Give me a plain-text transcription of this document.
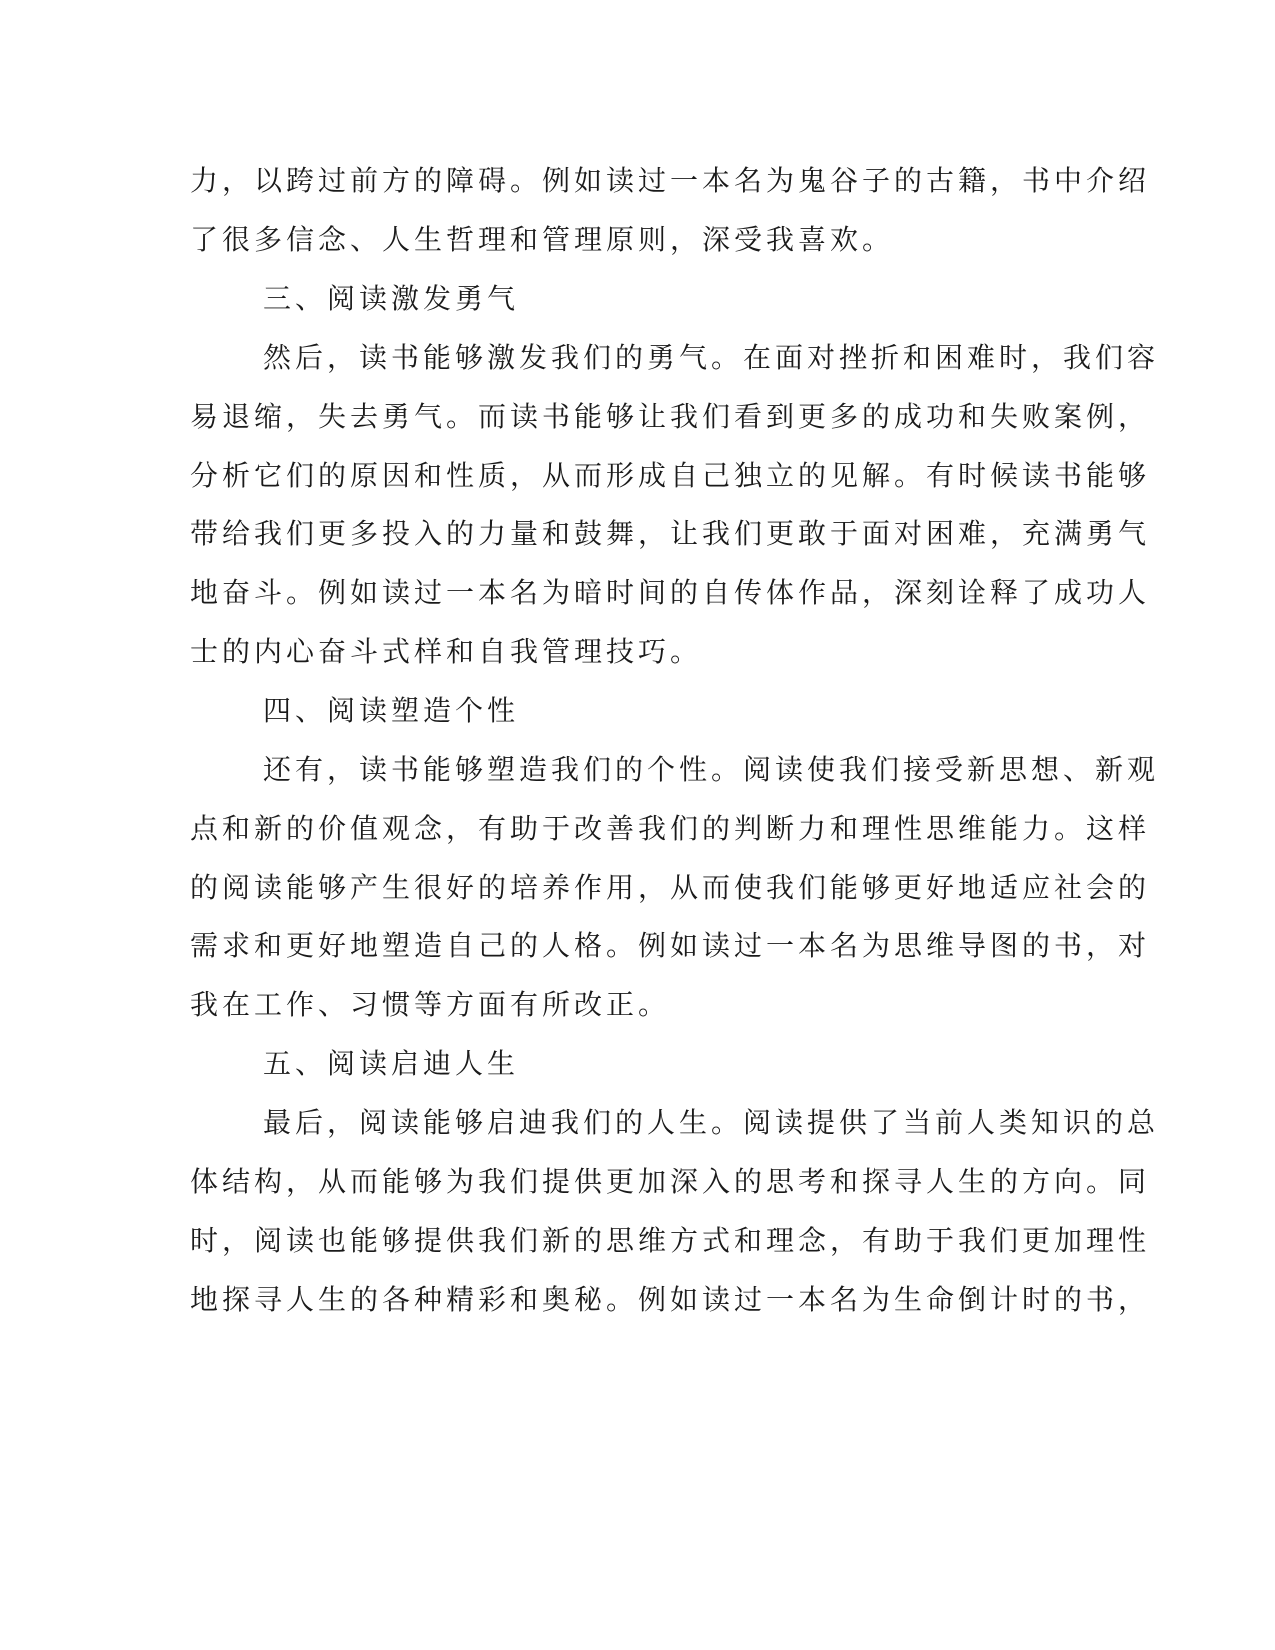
力，以跨过前方的障碍。例如读过一本名为鬼谷子的古籍，书中介绍
了很多信念、人生哲理和管理原则，深受我喜欢。
三、阅读激发勇气
然后，读书能够激发我们的勇气。在面对挫折和困难时，我们容
易退缩，失去勇气。而读书能够让我们看到更多的成功和失败案例，
分析它们的原因和性质，从而形成自己独立的见解。有时候读书能够
带给我们更多投入的力量和鼓舞，让我们更敢于面对困难，充满勇气
地奋斗。例如读过一本名为暗时间的自传体作品，深刻诠释了成功人
士的内心奋斗式样和自我管理技巧。
四、阅读塑造个性
还有，读书能够塑造我们的个性。阅读使我们接受新思想、新观
点和新的价值观念，有助于改善我们的判断力和理性思维能力。这样
的阅读能够产生很好的培养作用，从而使我们能够更好地适应社会的
需求和更好地塑造自己的人格。例如读过一本名为思维导图的书，对
我在工作、习惯等方面有所改正。
五、阅读启迪人生
最后，阅读能够启迪我们的人生。阅读提供了当前人类知识的总
体结构，从而能够为我们提供更加深入的思考和探寻人生的方向。同
时，阅读也能够提供我们新的思维方式和理念，有助于我们更加理性
地探寻人生的各种精彩和奥秘。例如读过一本名为生命倒计时的书，
